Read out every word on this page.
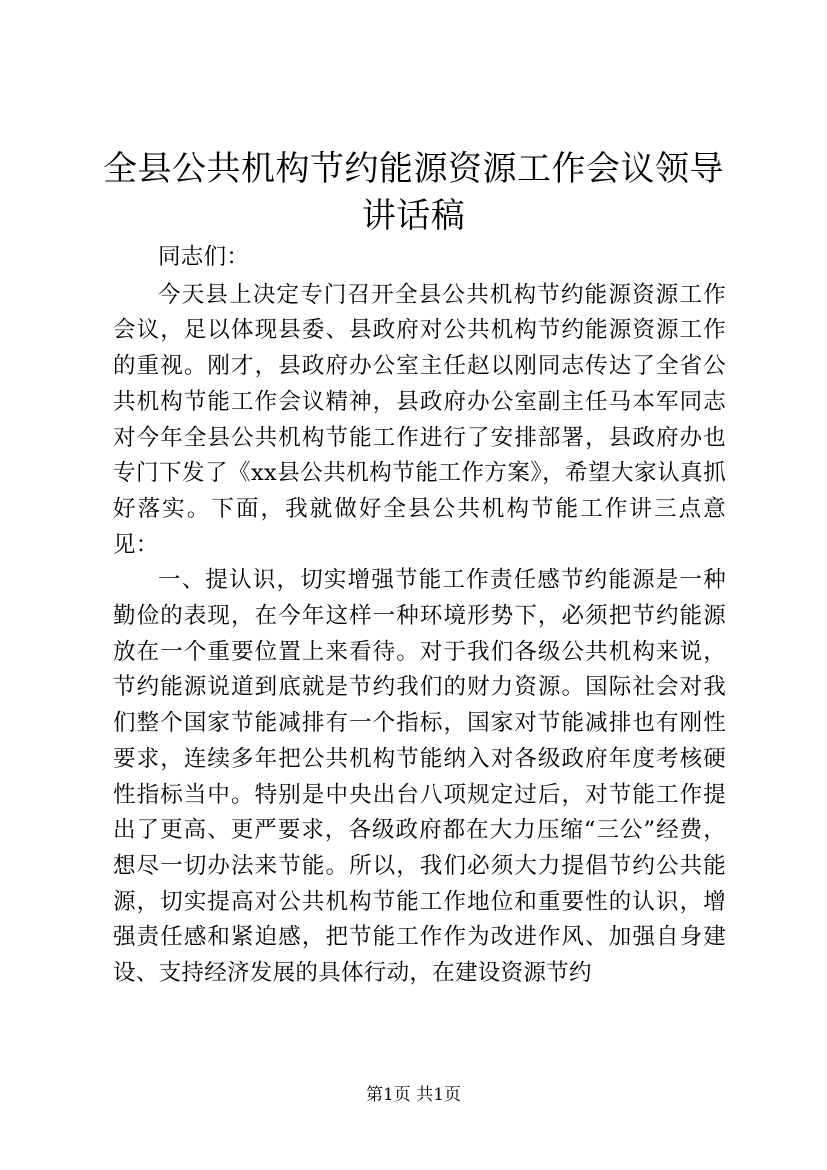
全县公共机构节约能源资源工作会议领导讲话稿

同志们：

今天县上决定专门召开全县公共机构节约能源资源工作会议，足以体现县委、县政府对公共机构节约能源资源工作的重视。刚才，县政府办公室主任赵以刚同志传达了全省公共机构节能工作会议精神，县政府办公室副主任马本军同志对今年全县公共机构节能工作进行了安排部署，县政府办也专门下发了《xx县公共机构节能工作方案》，希望大家认真抓好落实。下面，我就做好全县公共机构节能工作讲三点意见：

一、提认识，切实增强节能工作责任感节约能源是一种勤俭的表现，在今年这样一种环境形势下，必须把节约能源放在一个重要位置上来看待。对于我们各级公共机构来说，节约能源说道到底就是节约我们的财力资源。国际社会对我们整个国家节能减排有一个指标，国家对节能减排也有刚性要求，连续多年把公共机构节能纳入对各级政府年度考核硬性指标当中。特别是中央出台八项规定过后，对节能工作提出了更高、更严要求，各级政府都在大力压缩“三公”经费，想尽一切办法来节能。所以，我们必须大力提倡节约公共能源，切实提高对公共机构节能工作地位和重要性的认识，增强责任感和紧迫感，把节能工作作为改进作风、加强自身建设、支持经济发展的具体行动，在建设资源节约

第1页 共1页
